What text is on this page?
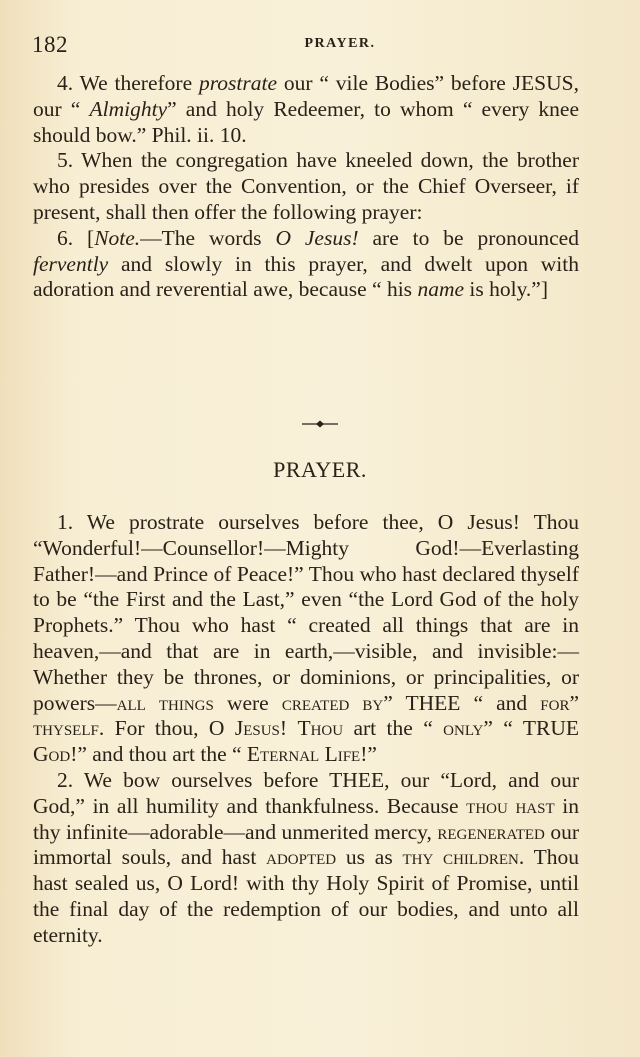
182	PRAYER.

4. We therefore prostrate our “ vile Bodies” before JESUS, our “ Almighty” and holy Redeemer, to whom “ every knee should bow.” Phil. ii. 10.

5. When the congregation have kneeled down, the brother who presides over the Convention, or the Chief Overseer, if present, shall then offer the following prayer:

6. [Note.—The words O Jesus! are to be pronounced fervently and slowly in this prayer, and dwelt upon with adoration and reverential awe, because “ his name is holy.”]

PRAYER.

1. We prostrate ourselves before thee, O Jesus! Thou “Wonderful!—Counsellor!—Mighty God!—Everlasting Father!—and Prince of Peace!” Thou who hast declared thyself to be “the First and the Last,” even “the Lord God of the holy Prophets.” Thou who hast “ created all things that are in heaven,—and that are in earth,—visible, and invisible:—Whether they be thrones, or dominions, or principalities, or powers—all things were created by” THEE “ and for” thyself. For thou, O Jesus! Thou art the “ only” “ TRUE God!” and thou art the “ Eternal Life!”

2. We bow ourselves before THEE, our “Lord, and our God,” in all humility and thankfulness. Because thou hast in thy infinite—adorable—and unmerited mercy, regenerated our immortal souls, and hast adopted us as thy children. Thou hast sealed us, O Lord! with thy Holy Spirit of Promise, until the final day of the redemption of our bodies, and unto all eternity.
